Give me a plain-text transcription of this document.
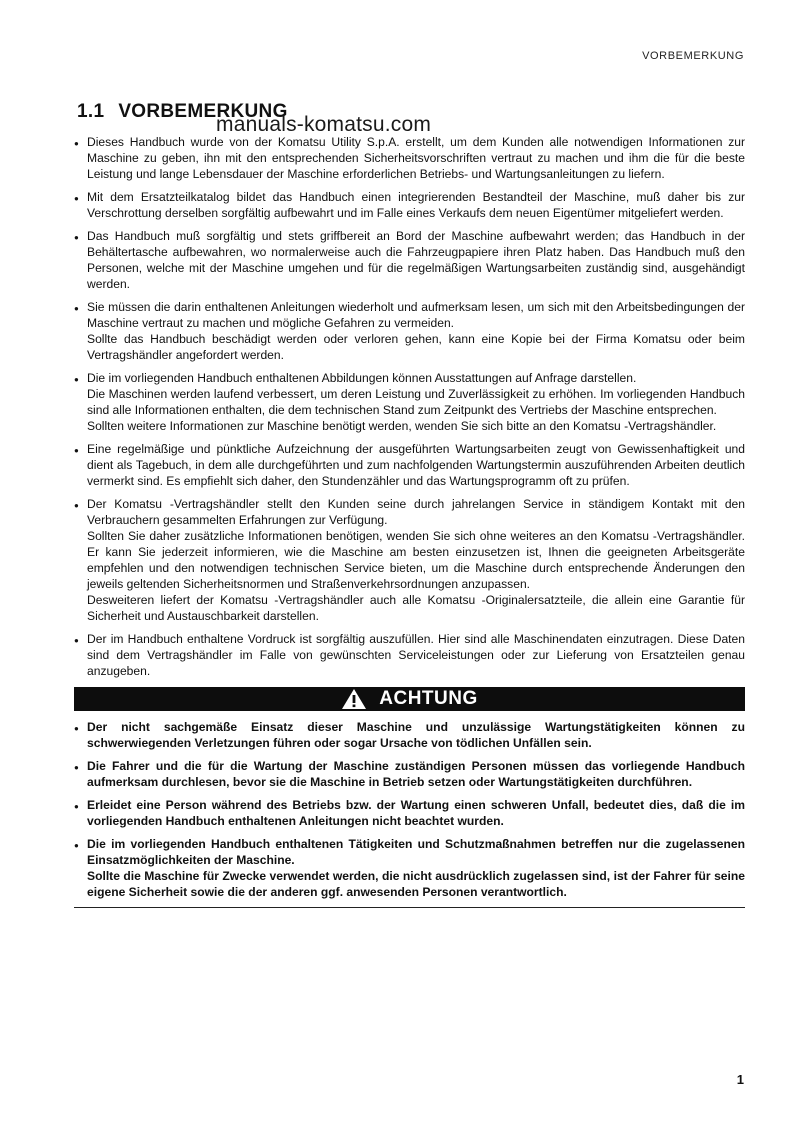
VORBEMERKUNG
1.1 VORBEMERKUNG
manuals-komatsu.com
● Dieses Handbuch wurde von der Komatsu Utility S.p.A. erstellt, um dem Kunden alle notwendigen Informationen zur Maschine zu geben, ihn mit den entsprechenden Sicherheitsvorschriften vertraut zu machen und ihm die für die beste Leistung und lange Lebensdauer der Maschine erforderlichen Betriebs- und Wartungsanleitungen zu liefern.
● Mit dem Ersatzteilkatalog bildet das Handbuch einen integrierenden Bestandteil der Maschine, muß daher bis zur Verschrottung derselben sorgfältig aufbewahrt und im Falle eines Verkaufs dem neuen Eigentümer mitgeliefert werden.
● Das Handbuch muß sorgfältig und stets griffbereit an Bord der Maschine aufbewahrt werden; das Handbuch in der Behältertasche aufbewahren, wo normalerweise auch die Fahrzeugpapiere ihren Platz haben. Das Handbuch muß den Personen, welche mit der Maschine umgehen und für die regelmäßigen Wartungsarbeiten zuständig sind, ausgehändigt werden.
● Sie müssen die darin enthaltenen Anleitungen wiederholt und aufmerksam lesen, um sich mit den Arbeitsbedingungen der Maschine vertraut zu machen und mögliche Gefahren zu vermeiden.
Sollte das Handbuch beschädigt werden oder verloren gehen, kann eine Kopie bei der Firma Komatsu oder beim Vertragshändler angefordert werden.
● Die im vorliegenden Handbuch enthaltenen Abbildungen können Ausstattungen auf Anfrage darstellen.
Die Maschinen werden laufend verbessert, um deren Leistung und Zuverlässigkeit zu erhöhen. Im vorliegenden Handbuch sind alle Informationen enthalten, die dem technischen Stand zum Zeitpunkt des Vertriebs der Maschine entsprechen.
Sollten weitere Informationen zur Maschine benötigt werden, wenden Sie sich bitte an den Komatsu -Vertragshändler.
● Eine regelmäßige und pünktliche Aufzeichnung der ausgeführten Wartungsarbeiten zeugt von Gewissenhaftigkeit und dient als Tagebuch, in dem alle durchgeführten und zum nachfolgenden Wartungstermin auszuführenden Arbeiten deutlich vermerkt sind. Es empfiehlt sich daher, den Stundenzähler und das Wartungsprogramm oft zu prüfen.
● Der Komatsu -Vertragshändler stellt den Kunden seine durch jahrelangen Service in ständigem Kontakt mit den Verbrauchern gesammelten Erfahrungen zur Verfügung.
Sollten Sie daher zusätzliche Informationen benötigen, wenden Sie sich ohne weiteres an den Komatsu -Vertragshändler. Er kann Sie jederzeit informieren, wie die Maschine am besten einzusetzen ist, Ihnen die geeigneten Arbeitsgeräte empfehlen und den notwendigen technischen Service bieten, um die Maschine durch entsprechende Änderungen den jeweils geltenden Sicherheitsnormen und Straßenverkehrsordnungen anzupassen.
Desweiteren liefert der Komatsu -Vertragshändler auch alle Komatsu -Originalersatzteile, die allein eine Garantie für Sicherheit und Austauschbarkeit darstellen.
● Der im Handbuch enthaltene Vordruck ist sorgfältig auszufüllen. Hier sind alle Maschinendaten einzutragen. Diese Daten sind dem Vertragshändler im Falle von gewünschten Serviceleistungen oder zur Lieferung von Ersatzteilen genau anzugeben.
ACHTUNG
● Der nicht sachgemäße Einsatz dieser Maschine und unzulässige Wartungstätigkeiten können zu schwerwiegenden Verletzungen führen oder sogar Ursache von tödlichen Unfällen sein.
● Die Fahrer und die für die Wartung der Maschine zuständigen Personen müssen das vorliegende Handbuch aufmerksam durchlesen, bevor sie die Maschine in Betrieb setzen oder Wartungstätigkeiten durchführen.
● Erleidet eine Person während des Betriebs bzw. der Wartung einen schweren Unfall, bedeutet dies, daß die im vorliegenden Handbuch enthaltenen Anleitungen nicht beachtet wurden.
● Die im vorliegenden Handbuch enthaltenen Tätigkeiten und Schutzmaßnahmen betreffen nur die zugelassenen Einsatzmöglichkeiten der Maschine.
Sollte die Maschine für Zwecke verwendet werden, die nicht ausdrücklich zugelassen sind, ist der Fahrer für seine eigene Sicherheit sowie die der anderen ggf. anwesenden Personen verantwortlich.
1
